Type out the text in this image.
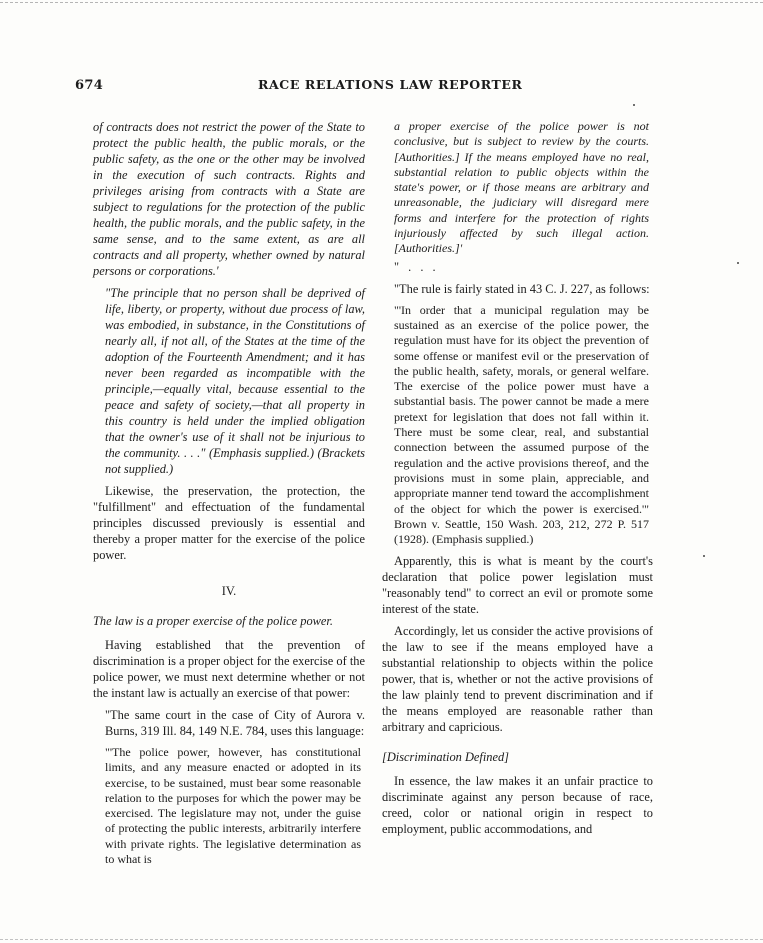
674	RACE RELATIONS LAW REPORTER

of contracts does not restrict the power of the State to protect the public health, the public morals, or the public safety, as the one or the other may be involved in the execution of such contracts. Rights and privileges arising from contracts with a State are subject to regulations for the protection of the public health, the public morals, and the public safety, in the same sense, and to the same extent, as are all contracts and all property, whether owned by natural persons or corporations.'

"The principle that no person shall be deprived of life, liberty, or property, without due process of law, was embodied, in substance, in the Constitutions of nearly all, if not all, of the States at the time of the adoption of the Fourteenth Amendment; and it has never been regarded as incompatible with the principle,—equally vital, because essential to the peace and safety of society,—that all property in this country is held under the implied obligation that the owner's use of it shall not be injurious to the community. . . ." (Emphasis supplied.) (Brackets not supplied.)

Likewise, the preservation, the protection, the "fulfillment" and effectuation of the fundamental principles discussed previously is essential and thereby a proper matter for the exercise of the police power.

IV.

The law is a proper exercise of the police power.

Having established that the prevention of discrimination is a proper object for the exercise of the police power, we must next determine whether or not the instant law is actually an exercise of that power:

"The same court in the case of City of Aurora v. Burns, 319 Ill. 84, 149 N.E. 784, uses this language:

"'The police power, however, has constitutional limits, and any measure enacted or adopted in its exercise, to be sustained, must bear some reasonable relation to the purposes for which the power may be exercised. The legislature may not, under the guise of protecting the public interests, arbitrarily interfere with private rights. The legislative determination as to what is

a proper exercise of the police power is not conclusive, but is subject to review by the courts. [Authorities.] If the means employed have no real, substantial relation to public objects within the state's power, or if those means are arbitrary and unreasonable, the judiciary will disregard mere forms and interfere for the protection of rights injuriously affected by such illegal action. [Authorities.]'

" . . .

"The rule is fairly stated in 43 C. J. 227, as follows:

"'In order that a municipal regulation may be sustained as an exercise of the police power, the regulation must have for its object the prevention of some offense or manifest evil or the preservation of the public health, safety, morals, or general welfare. The exercise of the police power must have a substantial basis. The power cannot be made a mere pretext for legislation that does not fall within it. There must be some clear, real, and substantial connection between the assumed purpose of the regulation and the active provisions thereof, and the provisions must in some plain, appreciable, and appropriate manner tend toward the accomplishment of the object for which the power is exercised.'" Brown v. Seattle, 150 Wash. 203, 212, 272 P. 517 (1928). (Emphasis supplied.)

Apparently, this is what is meant by the court's declaration that police power legislation must "reasonably tend" to correct an evil or promote some interest of the state.

Accordingly, let us consider the active provisions of the law to see if the means employed have a substantial relationship to objects within the police power, that is, whether or not the active provisions of the law plainly tend to prevent discrimination and if the means employed are reasonable rather than arbitrary and capricious.

[Discrimination Defined]

In essence, the law makes it an unfair practice to discriminate against any person because of race, creed, color or national origin in respect to employment, public accommodations, and
